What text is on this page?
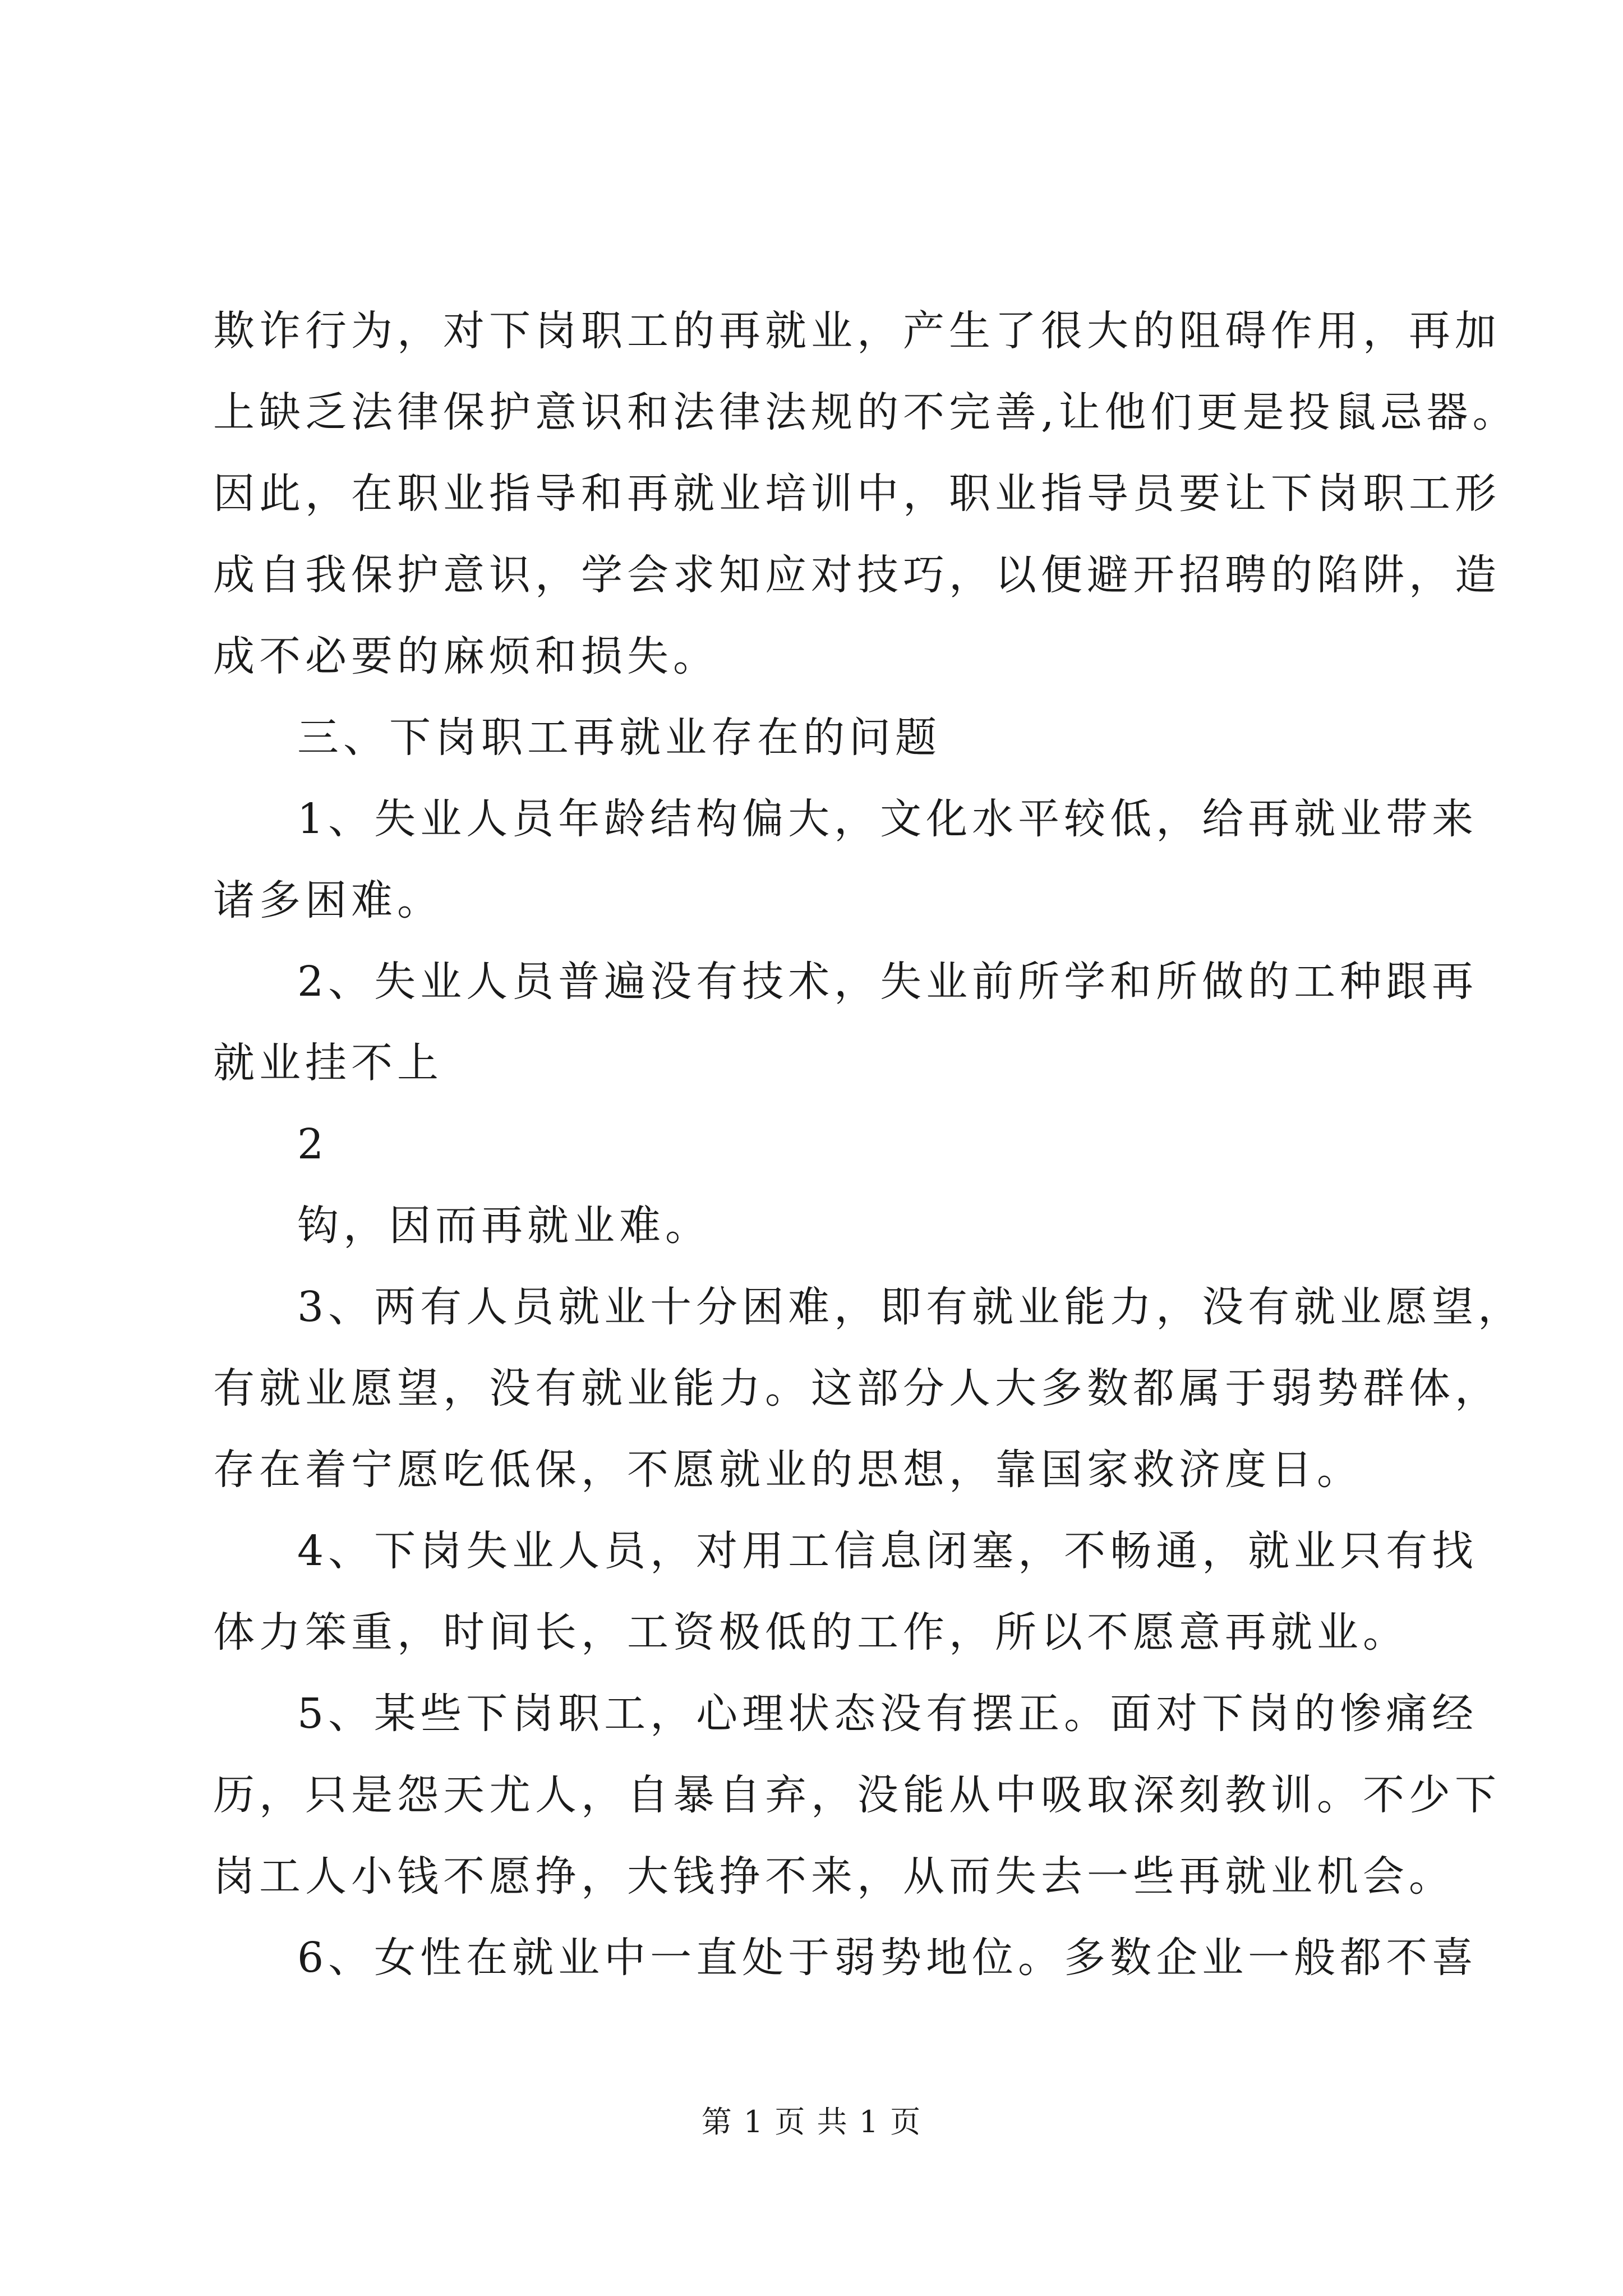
欺诈行为，对下岗职工的再就业，产生了很大的阻碍作用，再加
上缺乏法律保护意识和法律法规的不完善,让他们更是投鼠忌器。
因此，在职业指导和再就业培训中，职业指导员要让下岗职工形
成自我保护意识，学会求知应对技巧，以便避开招聘的陷阱，造
成不必要的麻烦和损失。
三、下岗职工再就业存在的问题
1、失业人员年龄结构偏大，文化水平较低，给再就业带来
诸多困难。
2、失业人员普遍没有技术，失业前所学和所做的工种跟再
就业挂不上
2
钩，因而再就业难。
3、两有人员就业十分困难，即有就业能力，没有就业愿望，
有就业愿望，没有就业能力。这部分人大多数都属于弱势群体，
存在着宁愿吃低保，不愿就业的思想，靠国家救济度日。
4、下岗失业人员，对用工信息闭塞，不畅通，就业只有找
体力笨重，时间长，工资极低的工作，所以不愿意再就业。
5、某些下岗职工，心理状态没有摆正。面对下岗的惨痛经
历，只是怨天尤人，自暴自弃，没能从中吸取深刻教训。不少下
岗工人小钱不愿挣，大钱挣不来，从而失去一些再就业机会。
6、女性在就业中一直处于弱势地位。多数企业一般都不喜
第 1 页 共 1 页
